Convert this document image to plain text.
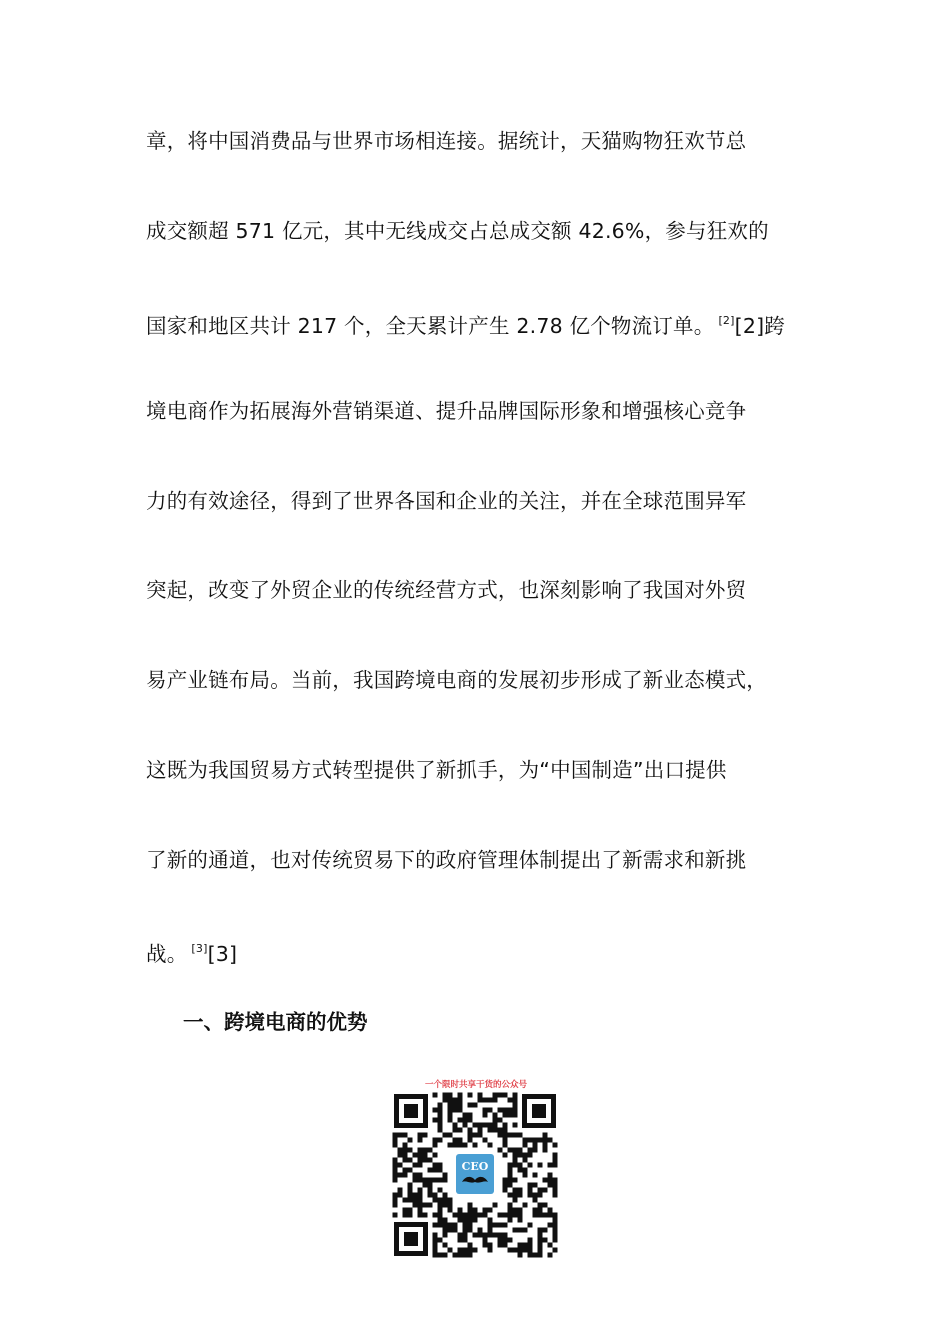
章，将中国消费品与世界市场相连接。据统计，天猫购物狂欢节总
成交额超 571 亿元，其中无线成交占总成交额 42.6%，参与狂欢的
国家和地区共计 217 个，全天累计产生 2.78 亿个物流订单。 [2][2]跨
境电商作为拓展海外营销渠道、提升品牌国际形象和增强核心竞争
力的有效途径，得到了世界各国和企业的关注，并在全球范围异军
突起，改变了外贸企业的传统经营方式，也深刻影响了我国对外贸
易产业链布局。当前，我国跨境电商的发展初步形成了新业态模式，
这既为我国贸易方式转型提供了新抓手，为“中国制造”出口提供
了新的通道，也对传统贸易下的政府管理体制提出了新需求和新挑
战。 [3][3]
一、跨境电商的优势
一个限时共享干货的公众号
CEO
